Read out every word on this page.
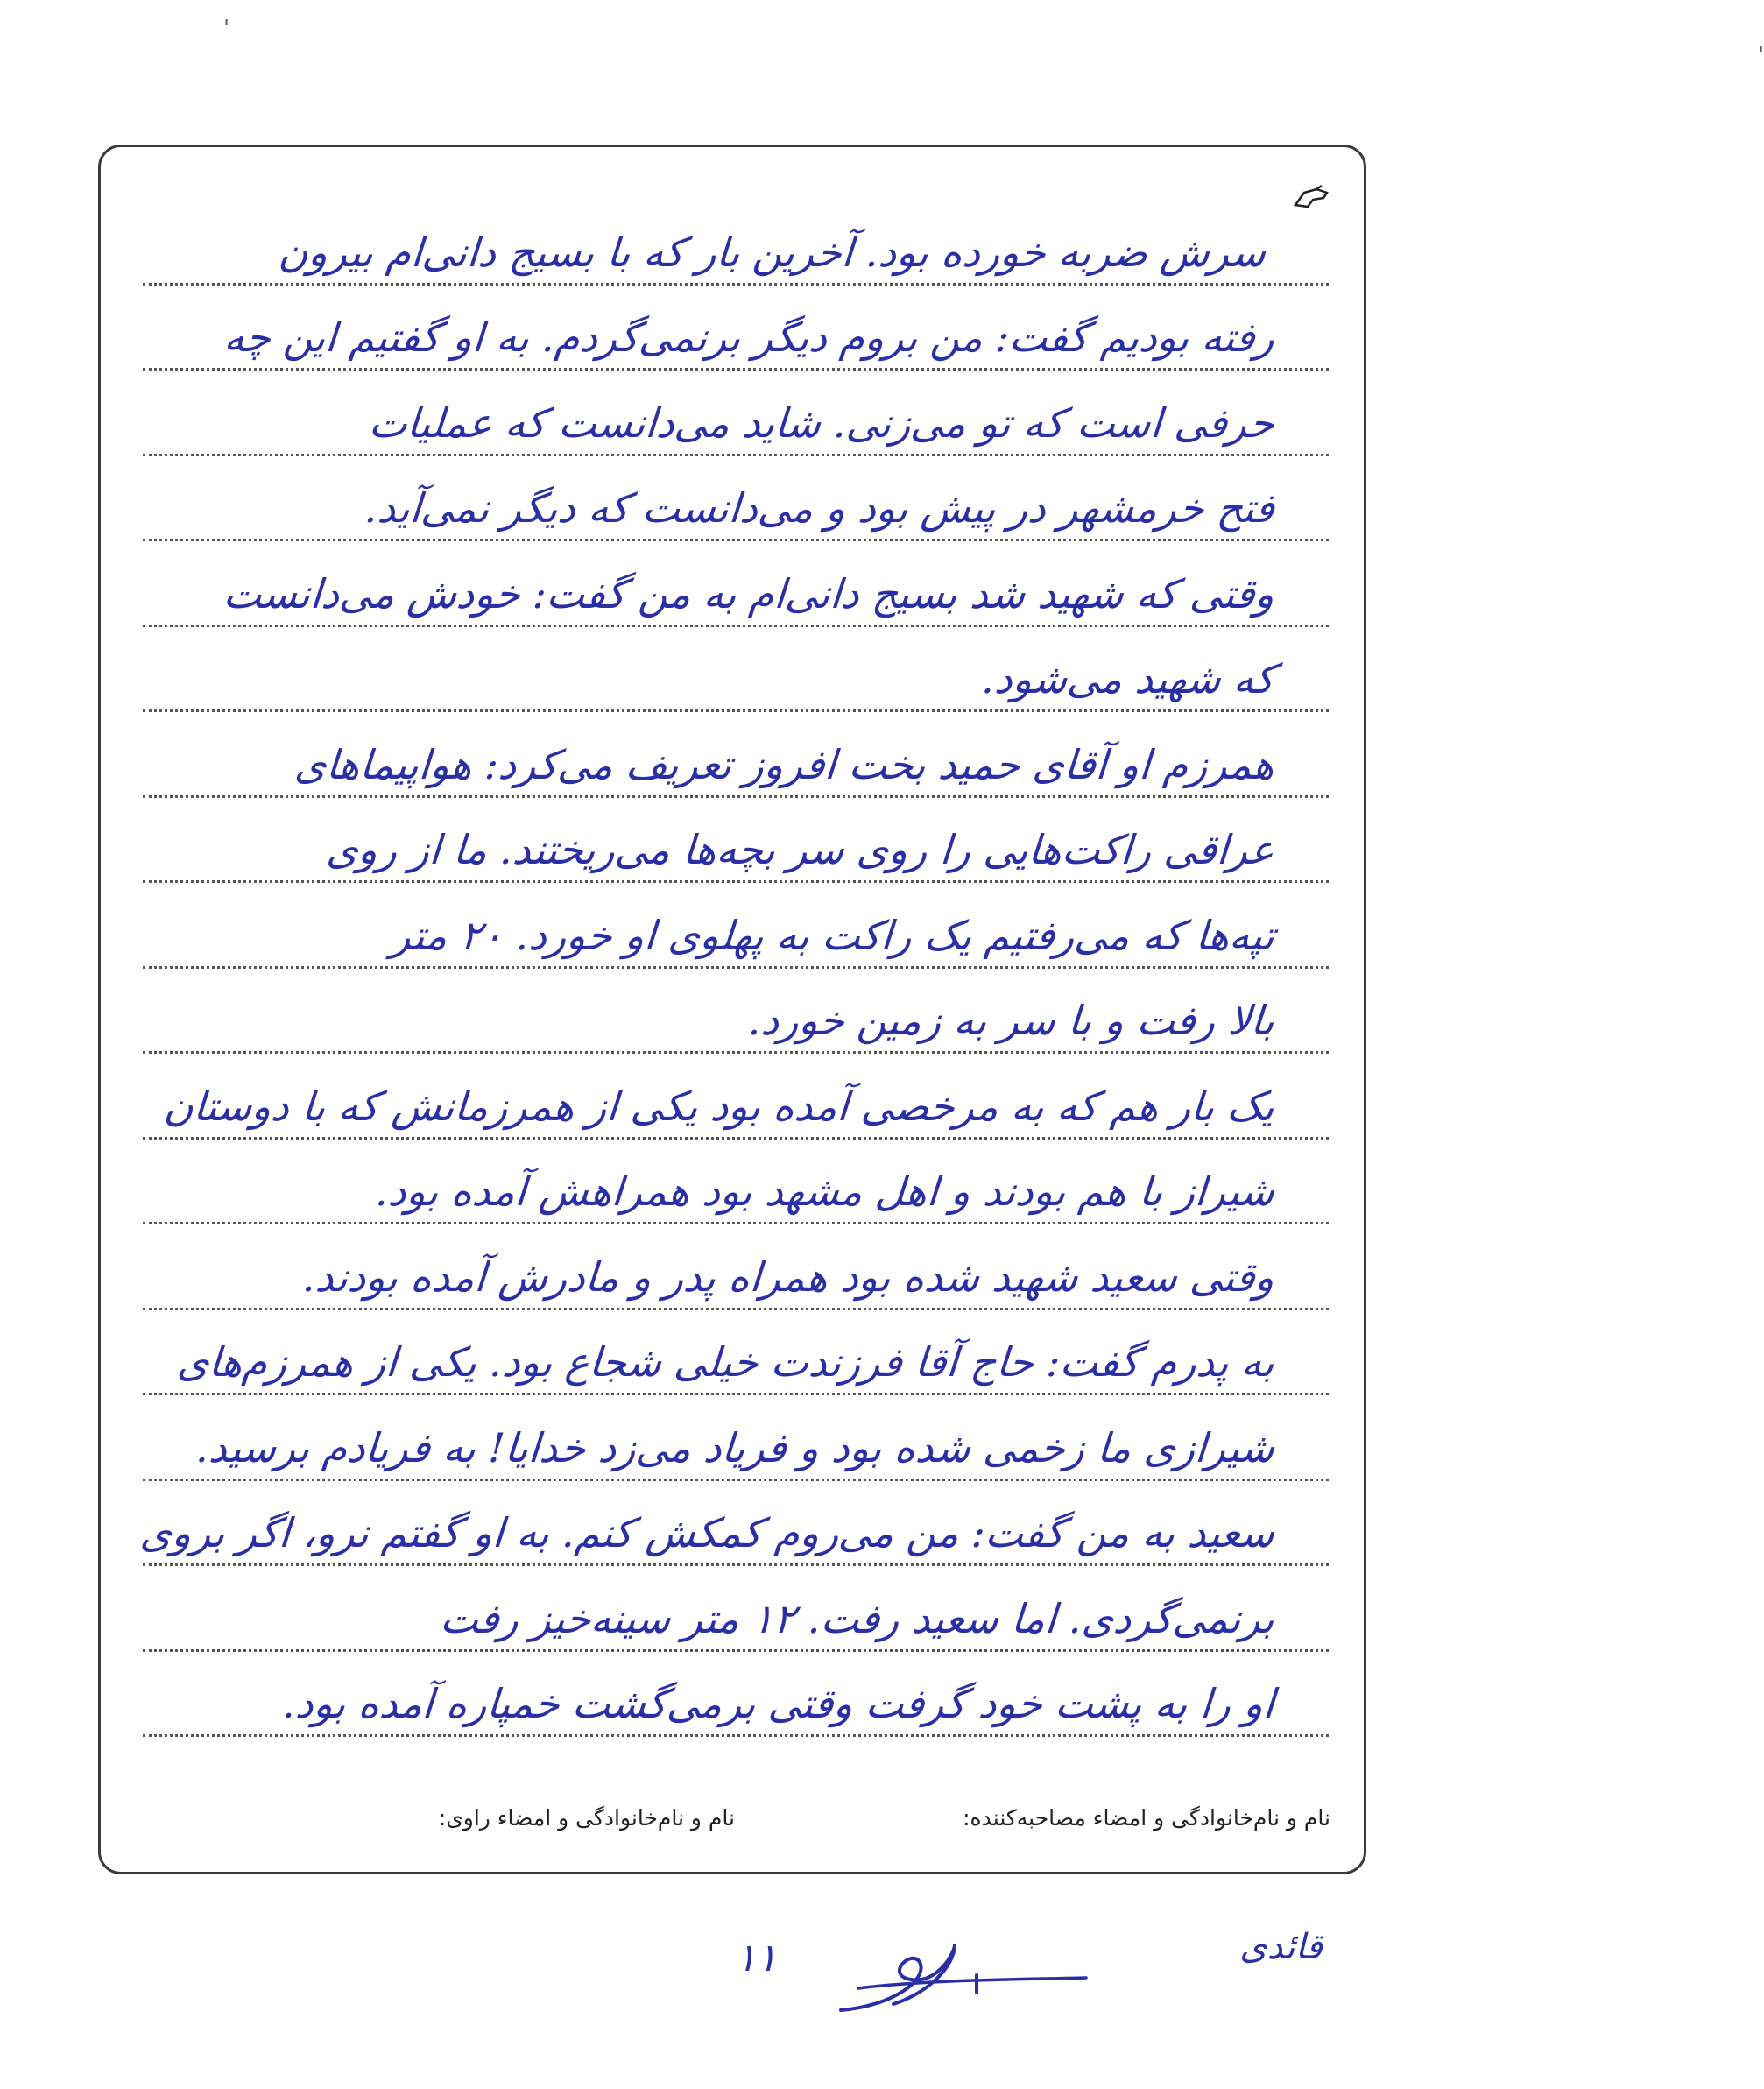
'                                                                                                                                                                                                                     '
سرش ضربه خورده بود. آخرین بار که با بسیج دانی‌ام بیرون
رفته بودیم گفت: من بروم دیگر برنمی‌گردم. به او گفتیم این چه
حرفی است که تو می‌زنی. شاید می‌دانست که عملیات
فتح خرمشهر در پیش بود و می‌دانست که دیگر نمی‌آید.
وقتی که شهید شد بسیج دانی‌ام به من گفت: خودش می‌دانست
که شهید می‌شود.
همرزم او آقای حمید بخت افروز تعریف می‌کرد: هواپیماهای
عراقی راکت‌هایی را روی سر بچه‌ها می‌ریختند. ما از روی
تپه‌ها که می‌رفتیم یک راکت به پهلوی او خورد. ۲۰ متر
بالا رفت و با سر به زمین خورد.
یک بار هم که به مرخصی آمده بود یکی از همرزمانش که با دوستان
شیراز با هم بودند و اهل مشهد بود همراهش آمده بود.
وقتی سعید شهید شده بود همراه پدر و مادرش آمده بودند.
به پدرم گفت: حاج آقا فرزندت خیلی شجاع بود. یکی از همرزم‌های
شیرازی ما زخمی شده بود و فریاد می‌زد خدایا! به فریادم برسید.
سعید به من گفت: من می‌روم کمکش کنم. به او گفتم نرو، اگر بروی
برنمی‌گردی. اما سعید رفت. ۱۲ متر سینه‌خیز رفت
او را به پشت خود گرفت وقتی برمی‌گشت خمپاره آمده بود.
نام و نام‌خانوادگی و امضاء مصاحبه‌کننده:
نام و نام‌خانوادگی و امضاء راوی:
قائدی
۱۱
